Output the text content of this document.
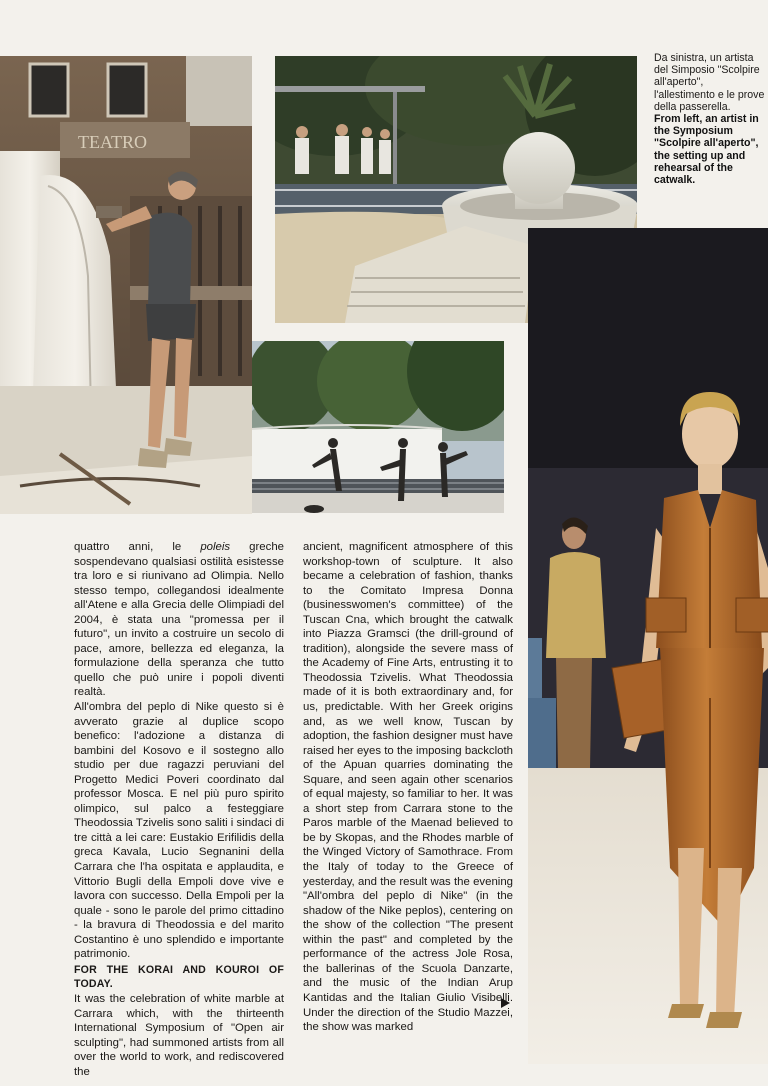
TEATRO
Da sinistra, un artista del Simposio "Scolpire all'aperto", l'allestimento e le prove della passerella.
From left, an artist in the Symposium "Scolpire all'aperto", the setting up and rehearsal of the catwalk.

quattro anni, le poleis greche sospendevano qualsiasi ostilità esistesse tra loro e si riunivano ad Olimpia. Nello stesso tempo, collegandosi idealmente all'Atene e alla Grecia delle Olimpiadi del 2004, è stata una "promessa per il futuro", un invito a costruire un secolo di pace, amore, bellezza ed eleganza, la formulazione della speranza che tutto quello che può unire i popoli diventi realtà.

All'ombra del peplo di Nike questo si è avverato grazie al duplice scopo benefico: l'adozione a distanza di bambini del Kosovo e il sostegno allo studio per due ragazzi peruviani del Progetto Medici Poveri coordinato dal professor Mosca. E nel più puro spirito olimpico, sul palco a festeggiare Theodossia Tzivelis sono saliti i sindaci di tre città a lei care: Eustakio Erifilidis della greca Kavala, Lucio Segnanini della Carrara che l'ha ospitata e applaudita, e Vittorio Bugli della Empoli dove vive e lavora con successo. Della Empoli per la quale - sono le parole del primo cittadino - la bravura di Theodossia e del marito Costantino è uno splendido e importante patrimonio.

FOR THE KORAI AND KOUROI OF TODAY.

It was the celebration of white marble at Carrara which, with the thirteenth International Symposium of "Open air sculpting", had summoned artists from all over the world to work, and rediscovered the

ancient, magnificent atmosphere of this workshop-town of sculpture. It also became a celebration of fashion, thanks to the Comitato Impresa Donna (businesswomen's committee) of the Tuscan Cna, which brought the catwalk into Piazza Gramsci (the drill-ground of tradition), alongside the severe mass of the Academy of Fine Arts, entrusting it to Theodossia Tzivelis. What Theodossia made of it is both extraordinary and, for us, predictable. With her Greek origins and, as we well know, Tuscan by adoption, the fashion designer must have raised her eyes to the imposing backcloth of the Apuan quarries dominating the Square, and seen again other scenarios of equal majesty, so familiar to her. It was a short step from Carrara stone to the Paros marble of the Maenad believed to be by Skopas, and the Rhodes marble of the Winged Victory of Samothrace. From the Italy of today to the Greece of yesterday, and the result was the evening "All'ombra del peplo di Nike" (in the shadow of the Nike peplos), centering on the show of the collection "The present within the past" and completed by the performance of the actress Jole Rosa, the ballerinas of the Scuola Danzarte, and the music of the Indian Arup Kantidas and the Italian Giulio Visibelli. Under the direction of the Studio Mazzei, the show was marked
